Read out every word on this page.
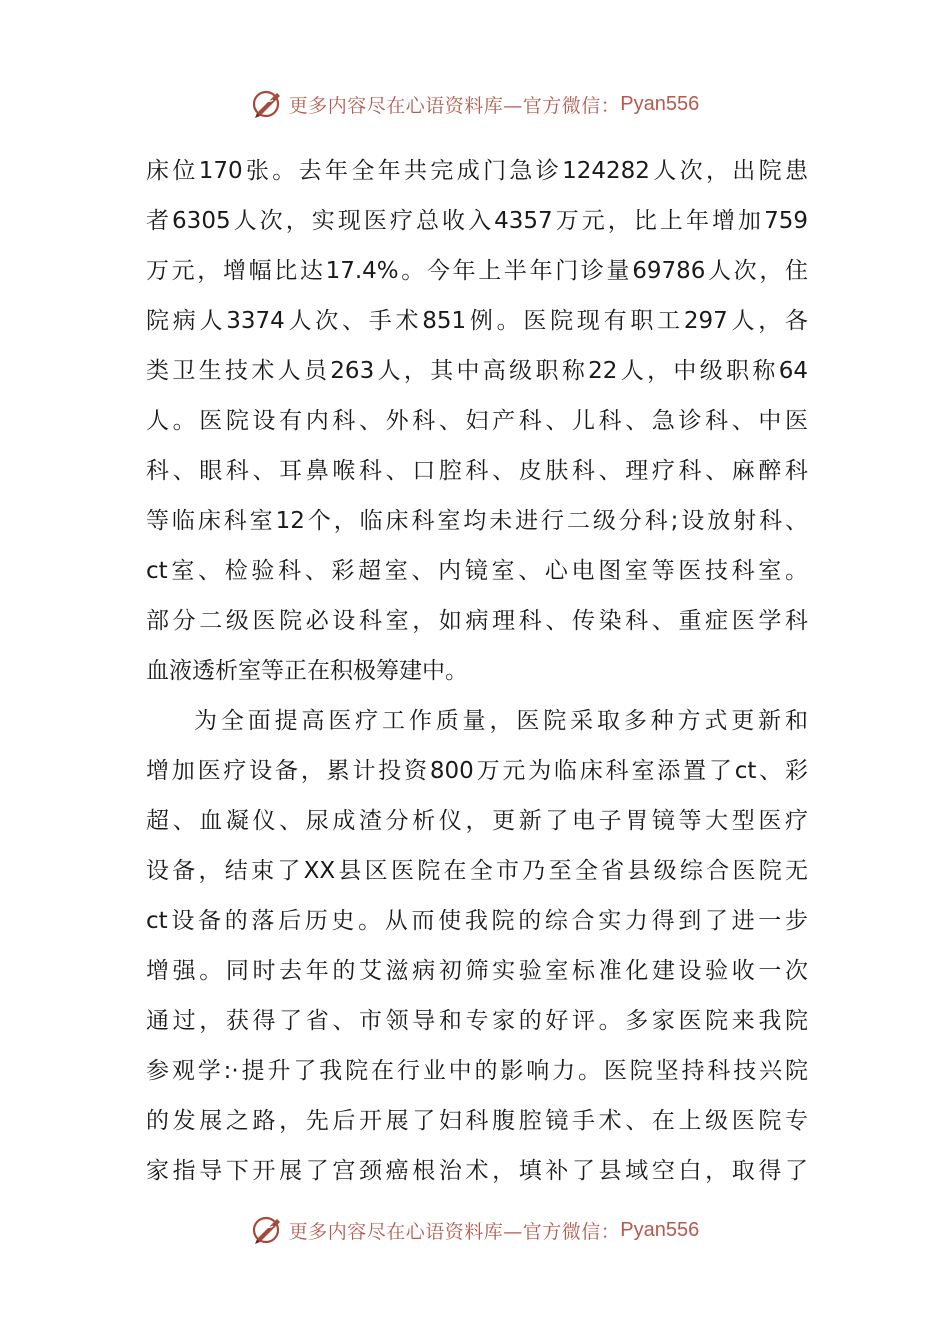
更多内容尽在心语资料库—官方微信： Pyan556
床位170张。去年全年共完成门急诊124282人次，出院患
者6305人次，实现医疗总收入4357万元，比上年增加759
万元，增幅比达17.4%。今年上半年门诊量69786人次，住
院病人3374人次、手术851例。医院现有职工297人，各
类卫生技术人员263人，其中高级职称22人，中级职称64
人。医院设有内科、外科、妇产科、儿科、急诊科、中医
科、眼科、耳鼻喉科、口腔科、皮肤科、理疗科、麻醉科
等临床科室12个，临床科室均未进行二级分科;设放射科、
ct室、检验科、彩超室、内镜室、心电图室等医技科室。
部分二级医院必设科室，如病理科、传染科、重症医学科
血液透析室等正在积极筹建中。
为全面提高医疗工作质量，医院采取多种方式更新和
增加医疗设备，累计投资800万元为临床科室添置了ct、彩
超、血凝仪、尿成渣分析仪，更新了电子胃镜等大型医疗
设备，结束了XX县区医院在全市乃至全省县级综合医院无
ct设备的落后历史。从而使我院的综合实力得到了进一步
增强。同时去年的艾滋病初筛实验室标准化建设验收一次
通过，获得了省、市领导和专家的好评。多家医院来我院
参观学:·提升了我院在行业中的影响力。医院坚持科技兴院
的发展之路，先后开展了妇科腹腔镜手术、在上级医院专
家指导下开展了宫颈癌根治术，填补了县域空白，取得了
更多内容尽在心语资料库—官方微信： Pyan556
